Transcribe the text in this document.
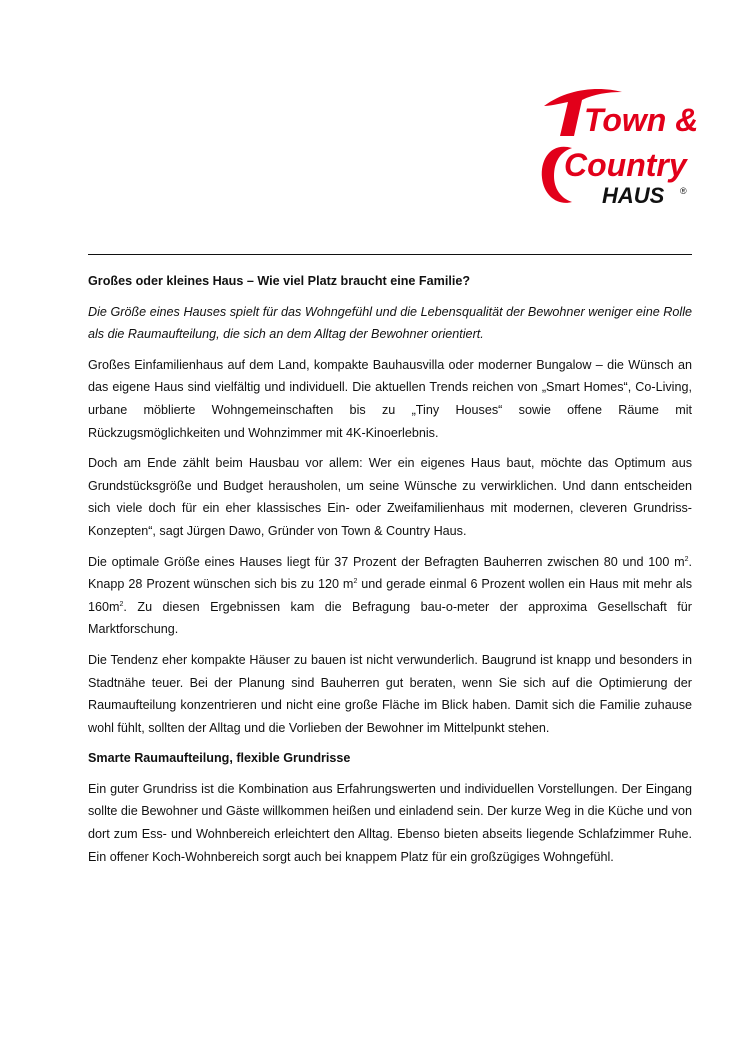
Town &
Country
HAUS ®
Großes oder kleines Haus – Wie viel Platz braucht eine Familie?

Die Größe eines Hauses spielt für das Wohngefühl und die Lebensqualität der Bewohner weniger eine Rolle als die Raumaufteilung, die sich an dem Alltag der Bewohner orientiert.

Großes Einfamilienhaus auf dem Land, kompakte Bauhausvilla oder moderner Bungalow – die Wünsch an das eigene Haus sind vielfältig und individuell. Die aktuellen Trends reichen von „Smart Homes“, Co-Living, urbane möblierte Wohngemeinschaften bis zu „Tiny Houses“ sowie offene Räume mit Rückzugsmöglichkeiten und Wohnzimmer mit 4K-Kinoerlebnis.

Doch am Ende zählt beim Hausbau vor allem: Wer ein eigenes Haus baut, möchte das Optimum aus Grundstücksgröße und Budget herausholen, um seine Wünsche zu verwirklichen. Und dann entscheiden sich viele doch für ein eher klassisches Ein- oder Zweifamilienhaus mit modernen, cleveren Grundriss-Konzepten“, sagt Jürgen Dawo, Gründer von Town & Country Haus.

Die optimale Größe eines Hauses liegt für 37 Prozent der Befragten Bauherren zwischen 80 und 100 $m^2$. Knapp 28 Prozent wünschen sich bis zu 120 $m^2$ und gerade einmal 6 Prozent wollen ein Haus mit mehr als $160m^2$. Zu diesen Ergebnissen kam die Befragung bau-o-meter der approxima Gesellschaft für Marktforschung.

Die Tendenz eher kompakte Häuser zu bauen ist nicht verwunderlich. Baugrund ist knapp und besonders in Stadtnähe teuer. Bei der Planung sind Bauherren gut beraten, wenn Sie sich auf die Optimierung der Raumaufteilung konzentrieren und nicht eine große Fläche im Blick haben. Damit sich die Familie zuhause wohl fühlt, sollten der Alltag und die Vorlieben der Bewohner im Mittelpunkt stehen.

Smarte Raumaufteilung, flexible Grundrisse

Ein guter Grundriss ist die Kombination aus Erfahrungswerten und individuellen Vorstellungen. Der Eingang sollte die Bewohner und Gäste willkommen heißen und einladend sein. Der kurze Weg in die Küche und von dort zum Ess- und Wohnbereich erleichtert den Alltag. Ebenso bieten abseits liegende Schlafzimmer Ruhe. Ein offener Koch-Wohnbereich sorgt auch bei knappem Platz für ein großzügiges Wohngefühl.
